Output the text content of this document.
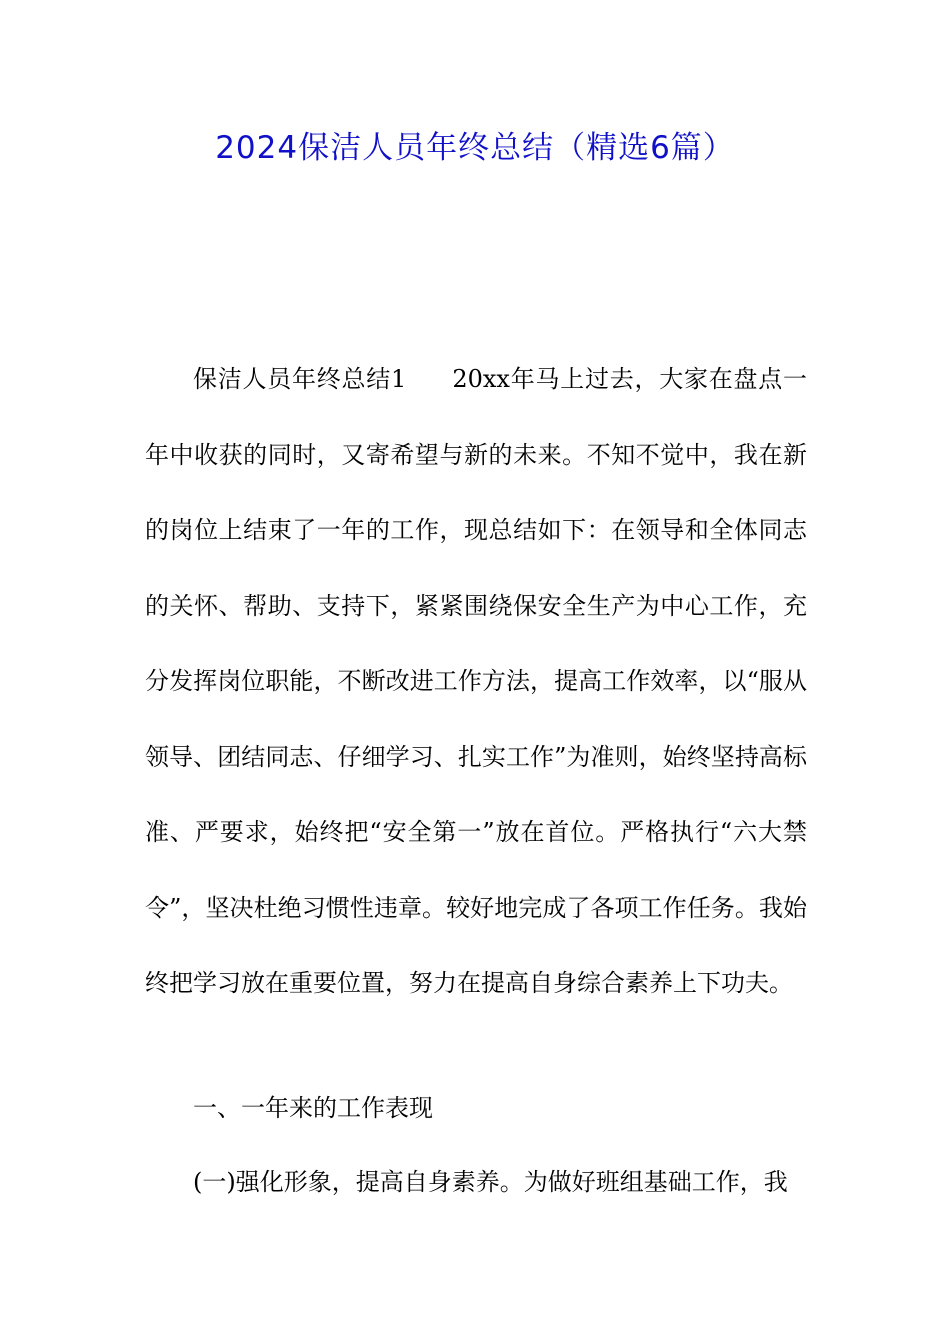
2024保洁人员年终总结（精选6篇）

保洁人员年终总结1 20xx年马上过去，大家在盘点一年中收获的同时，又寄希望与新的未来。不知不觉中，我在新的岗位上结束了一年的工作，现总结如下：在领导和全体同志的关怀、帮助、支持下，紧紧围绕保安全生产为中心工作，充分发挥岗位职能，不断改进工作方法，提高工作效率，以“服从领导、团结同志、仔细学习、扎实工作”为准则，始终坚持高标准、严要求，始终把“安全第一”放在首位。严格执行“六大禁令”，坚决杜绝习惯性违章。较好地完成了各项工作任务。我始终把学习放在重要位置，努力在提高自身综合素养上下功夫。

一、一年来的工作表现
(一)强化形象，提高自身素养。为做好班组基础工作，我
